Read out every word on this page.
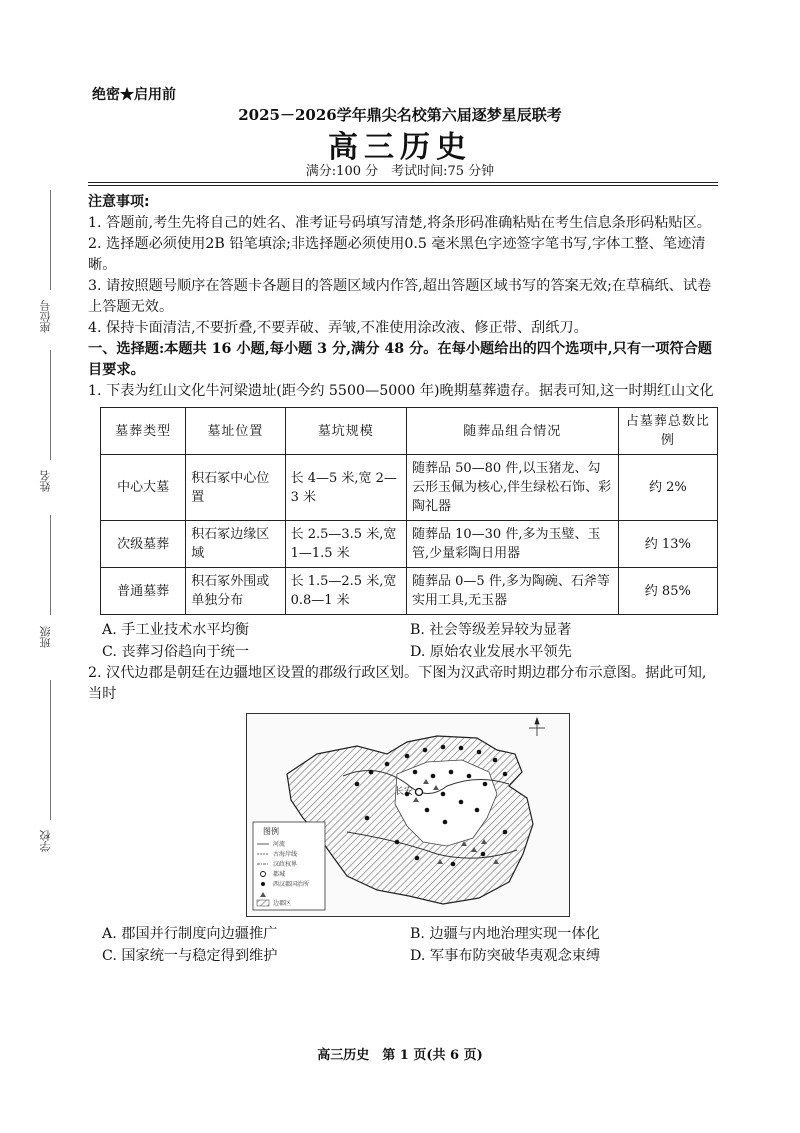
座位号
姓名
班级
学校
绝密★启用前
2025－2026学年鼎尖名校第六届逐梦星辰联考
高三历史
满分:100 分　考试时间:75 分钟
注意事项:

1. 答题前,考生先将自己的姓名、准考证号码填写清楚,将条形码准确粘贴在考生信息条形码粘贴区。

2. 选择题必须使用2B 铅笔填涂;非选择题必须使用0.5 毫米黑色字迹签字笔书写,字体工整、笔迹清晰。

3. 请按照题号顺序在答题卡各题目的答题区域内作答,超出答题区域书写的答案无效;在草稿纸、试卷上答题无效。

4. 保持卡面清洁,不要折叠,不要弄破、弄皱,不准使用涂改液、修正带、刮纸刀。

一、选择题:本题共 16 小题,每小题 3 分,满分 48 分。在每小题给出的四个选项中,只有一项符合题目要求。

1. 下表为红山文化牛河梁遗址(距今约 5500—5000 年)晚期墓葬遗存。据表可知,这一时期红山文化

墓葬类型	墓址位置	墓坑规模	随葬品组合情况	占墓葬总数比例
中心大墓	积石冢中心位置	长 4—5 米,宽 2—3 米	随葬品 50—80 件,以玉猪龙、勾云形玉佩为核心,伴生绿松石饰、彩陶礼器	约 2%
次级墓葬	积石冢边缘区域	长 2.5—3.5 米,宽 1—1.5 米	随葬品 10—30 件,多为玉璧、玉管,少量彩陶日用器	约 13%
普通墓葬	积石冢外围或单独分布	长 1.5—2.5 米,宽 0.8—1 米	随葬品 0—5 件,多为陶碗、石斧等实用工具,无玉器	约 85%
A. 手工业技术水平均衡	B. 社会等级差异较为显著
C. 丧葬习俗趋向于统一	D. 原始农业发展水平领先

2. 汉代边郡是朝廷在边疆地区设置的郡级行政区划。下图为汉武帝时期边郡分布示意图。据此可知,当时

长安
图例
河流
古海岸线
汉政权界
都城
西汉郡国治所
边郡区
A. 郡国并行制度向边疆推广	B. 边疆与内地治理实现一体化
C. 国家统一与稳定得到维护	D. 军事布防突破华夷观念束缚
高三历史　第 1 页(共 6 页)
